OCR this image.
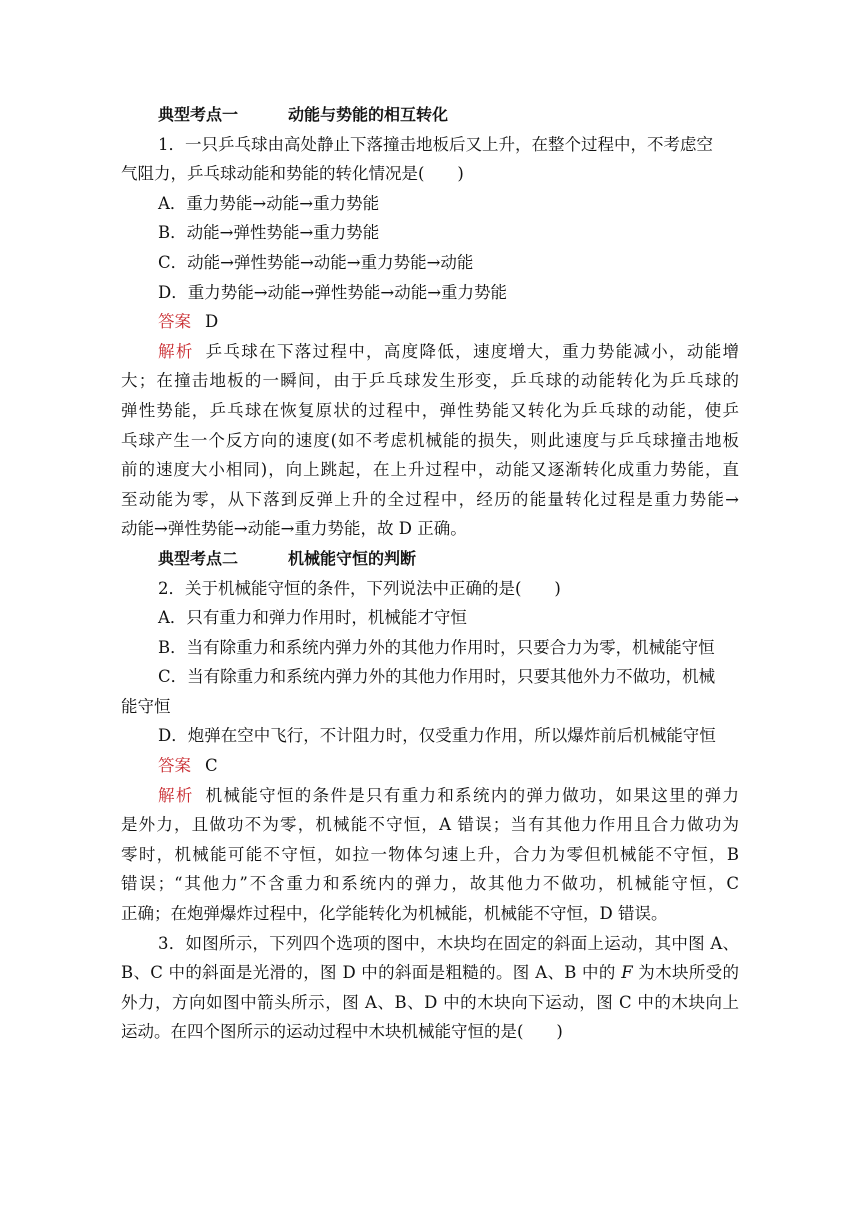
典型考点一	动能与势能的相互转化
1．一只乒乓球由高处静止下落撞击地板后又上升，在整个过程中，不考虑空
气阻力，乒乓球动能和势能的转化情况是(　　)
A．重力势能→动能→重力势能
B．动能→弹性势能→重力势能
C．动能→弹性势能→动能→重力势能→动能
D．重力势能→动能→弹性势能→动能→重力势能
答案 D
解析 乒乓球在下落过程中，高度降低，速度增大，重力势能减小，动能增
大；在撞击地板的一瞬间，由于乒乓球发生形变，乒乓球的动能转化为乒乓球的
弹性势能，乒乓球在恢复原状的过程中，弹性势能又转化为乒乓球的动能，使乒
乓球产生一个反方向的速度(如不考虑机械能的损失，则此速度与乒乓球撞击地板
前的速度大小相同)，向上跳起，在上升过程中，动能又逐渐转化成重力势能，直
至动能为零，从下落到反弹上升的全过程中，经历的能量转化过程是重力势能→
动能→弹性势能→动能→重力势能，故 D 正确。
典型考点二	机械能守恒的判断
2．关于机械能守恒的条件，下列说法中正确的是(　　)
A．只有重力和弹力作用时，机械能才守恒
B．当有除重力和系统内弹力外的其他力作用时，只要合力为零，机械能守恒
C．当有除重力和系统内弹力外的其他力作用时，只要其他外力不做功，机械
能守恒
D．炮弹在空中飞行，不计阻力时，仅受重力作用，所以爆炸前后机械能守恒
答案 C
解析 机械能守恒的条件是只有重力和系统内的弹力做功，如果这里的弹力
是外力，且做功不为零，机械能不守恒，A 错误；当有其他力作用且合力做功为
零时，机械能可能不守恒，如拉一物体匀速上升，合力为零但机械能不守恒，B
错误；“其他力”不含重力和系统内的弹力，故其他力不做功，机械能守恒，C
正确；在炮弹爆炸过程中，化学能转化为机械能，机械能不守恒，D 错误。
3．如图所示，下列四个选项的图中，木块均在固定的斜面上运动，其中图 A、
B、C 中的斜面是光滑的，图 D 中的斜面是粗糙的。图 A、B 中的 F 为木块所受的
外力，方向如图中箭头所示，图 A、B、D 中的木块向下运动，图 C 中的木块向上
运动。在四个图所示的运动过程中木块机械能守恒的是(　　)
